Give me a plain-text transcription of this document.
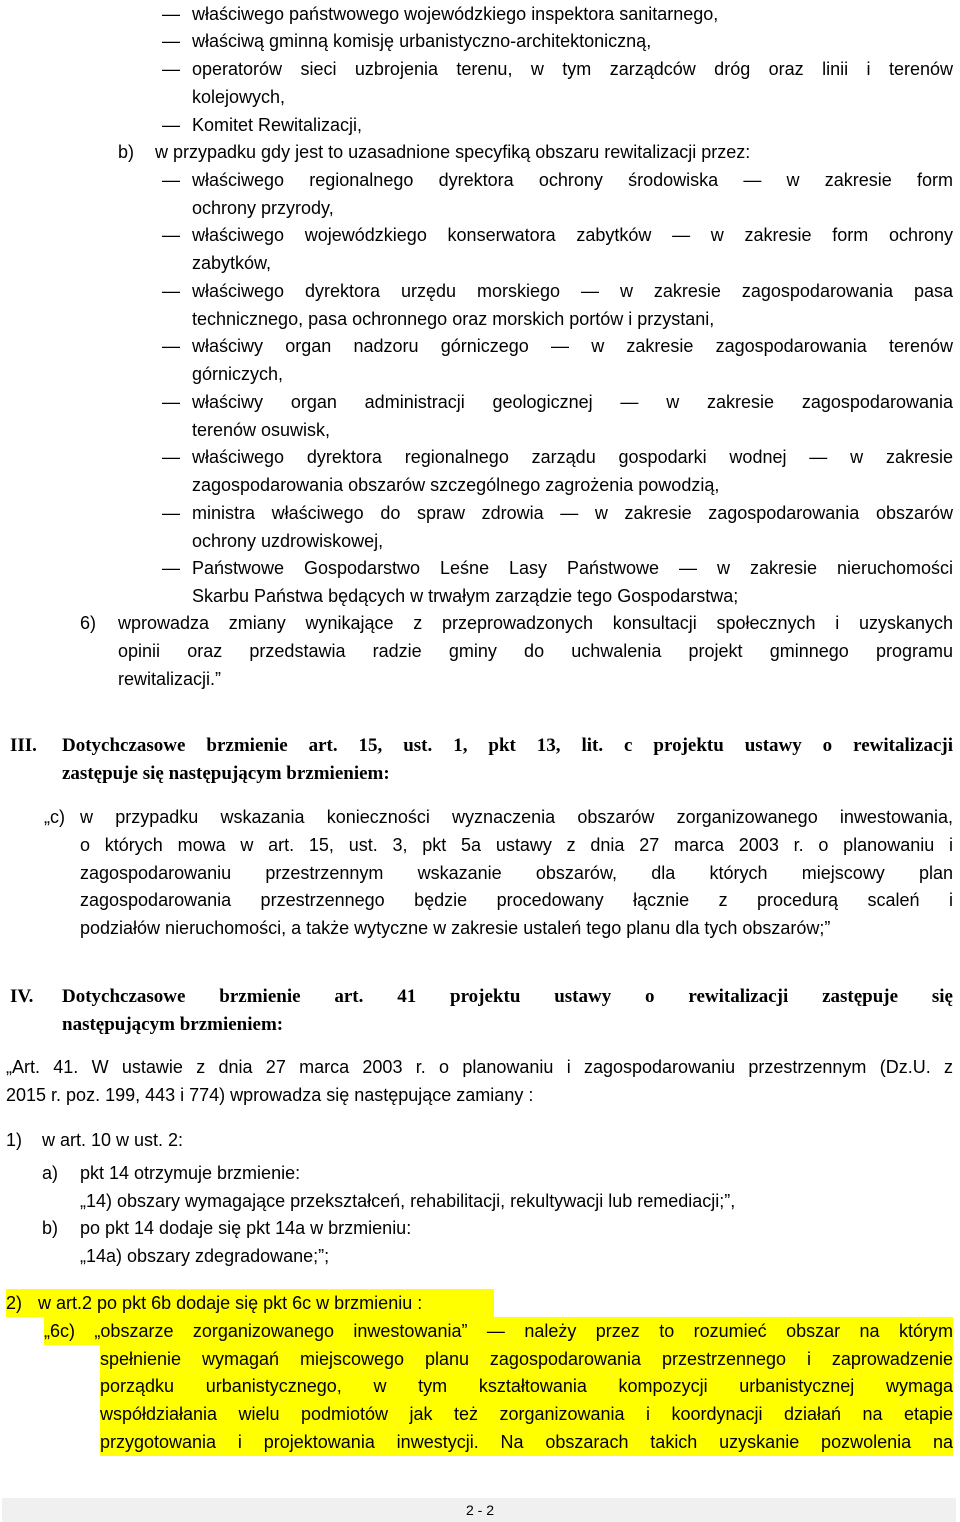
— właściwego państwowego wojewódzkiego inspektora sanitarnego,
— właściwą gminną komisję urbanistyczno-architektoniczną,
— operatorów sieci uzbrojenia terenu, w tym zarządców dróg oraz linii i terenów
kolejowych,
— Komitet Rewitalizacji,
b) w przypadku gdy jest to uzasadnione specyfiką obszaru rewitalizacji przez:
— właściwego regionalnego dyrektora ochrony środowiska — w zakresie form
ochrony przyrody,
— właściwego wojewódzkiego konserwatora zabytków — w zakresie form ochrony
zabytków,
— właściwego dyrektora urzędu morskiego — w zakresie zagospodarowania pasa
technicznego, pasa ochronnego oraz morskich portów i przystani,
— właściwy organ nadzoru górniczego — w zakresie zagospodarowania terenów
górniczych,
— właściwy organ administracji geologicznej — w zakresie zagospodarowania
terenów osuwisk,
— właściwego dyrektora regionalnego zarządu gospodarki wodnej — w zakresie
zagospodarowania obszarów szczególnego zagrożenia powodzią,
— ministra właściwego do spraw zdrowia — w zakresie zagospodarowania obszarów
ochrony uzdrowiskowej,
— Państwowe Gospodarstwo Leśne Lasy Państwowe — w zakresie nieruchomości
Skarbu Państwa będących w trwałym zarządzie tego Gospodarstwa;
6) wprowadza zmiany wynikające z przeprowadzonych konsultacji społecznych i uzyskanych
opinii oraz przedstawia radzie gminy do uchwalenia projekt gminnego programu
rewitalizacji.”
III. Dotychczasowe brzmienie art. 15, ust. 1, pkt 13, lit. c projektu ustawy o rewitalizacji
zastępuje się następującym brzmieniem:
„c) w przypadku wskazania konieczności wyznaczenia obszarów zorganizowanego inwestowania,
o których mowa w art. 15, ust. 3, pkt 5a ustawy z dnia 27 marca 2003 r. o planowaniu i
zagospodarowaniu przestrzennym wskazanie obszarów, dla których miejscowy plan
zagospodarowania przestrzennego będzie procedowany łącznie z procedurą scaleń i
podziałów nieruchomości, a także wytyczne w zakresie ustaleń tego planu dla tych obszarów;”
IV. Dotychczasowe brzmienie art. 41 projektu ustawy o rewitalizacji zastępuje się
następującym brzmieniem:
„Art. 41. W ustawie z dnia 27 marca 2003 r. o planowaniu i zagospodarowaniu przestrzennym (Dz.U. z
2015 r. poz. 199, 443 i 774) wprowadza się następujące zamiany :
1) w art. 10 w ust. 2:
a) pkt 14 otrzymuje brzmienie:
„14) obszary wymagające przekształceń, rehabilitacji, rekultywacji lub remediacji;”,
b) po pkt 14 dodaje się pkt 14a w brzmieniu:
„14a) obszary zdegradowane;”;
2) w art.2 po pkt 6b dodaje się pkt 6c w brzmieniu :
„6c) „obszarze zorganizowanego inwestowania” — należy przez to rozumieć obszar na którym
spełnienie wymagań miejscowego planu zagospodarowania przestrzennego i zaprowadzenie
porządku urbanistycznego, w tym kształtowania kompozycji urbanistycznej wymaga
współdziałania wielu podmiotów jak też zorganizowania i koordynacji działań na etapie
przygotowania i projektowania inwestycji. Na obszarach takich uzyskanie pozwolenia na
2 - 2
